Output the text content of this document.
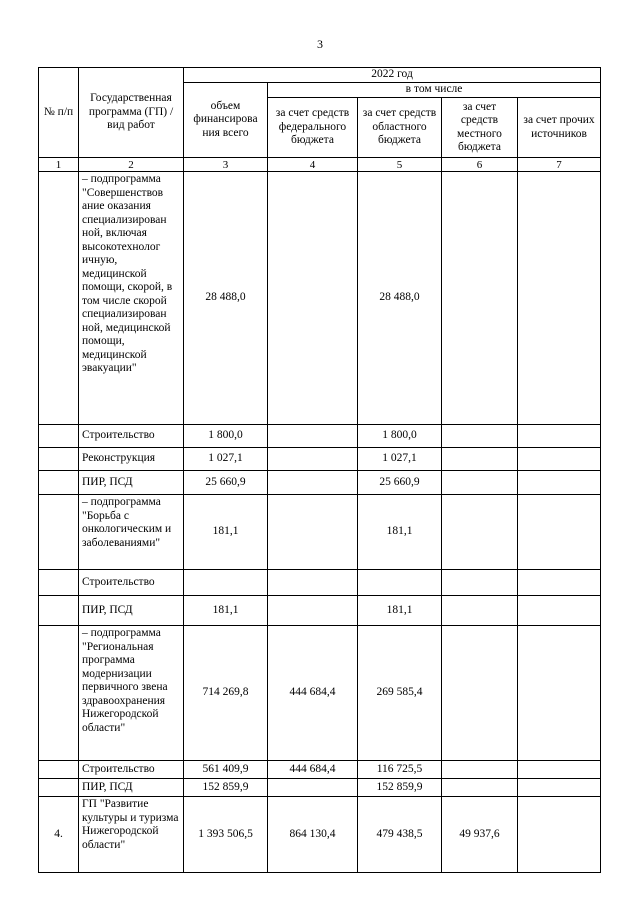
3
№ п/п	Государственная программа (ГП) / вид работ	2022 год				
		объем финансирова ния всего	в том числе			
			за счет средств федерального бюджета	за счет средств областного бюджета	за счет средств местного бюджета	за счет прочих источников
1	2	3	4	5	6	7
	– подпрограмма "Совершенствов ание оказания специализирован ной, включая высокотехнолог ичную, медицинской помощи, скорой, в том числе скорой специализирован ной, медицинской помощи, медицинской эвакуации"	28 488,0		28 488,0		
	Строительство	1 800,0		1 800,0		
	Реконструкция	1 027,1		1 027,1		
	ПИР, ПСД	25 660,9		25 660,9		
	– подпрограмма "Борьба с онкологическим и заболеваниями"	181,1		181,1		
	Строительство					
	ПИР, ПСД	181,1		181,1		
	– подпрограмма "Региональная программа модернизации первичного звена здравоохранения Нижегородской области"	714 269,8	444 684,4	269 585,4		
	Строительство	561 409,9	444 684,4	116 725,5		
	ПИР, ПСД	152 859,9		152 859,9		
4.	ГП "Развитие культуры и туризма Нижегородской области"	1 393 506,5	864 130,4	479 438,5	49 937,6	
